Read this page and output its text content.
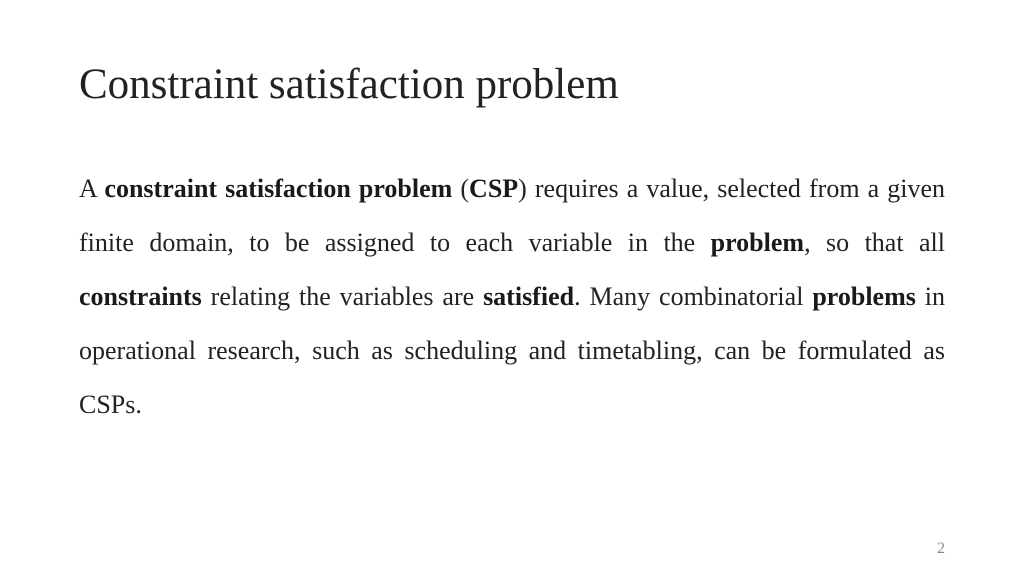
Constraint satisfaction problem

A constraint satisfaction problem (CSP) requires a value, selected from a given finite domain, to be assigned to each variable in the problem, so that all constraints relating the variables are satisfied. Many combinatorial problems in operational research, such as scheduling and timetabling, can be formulated as CSPs.

2
